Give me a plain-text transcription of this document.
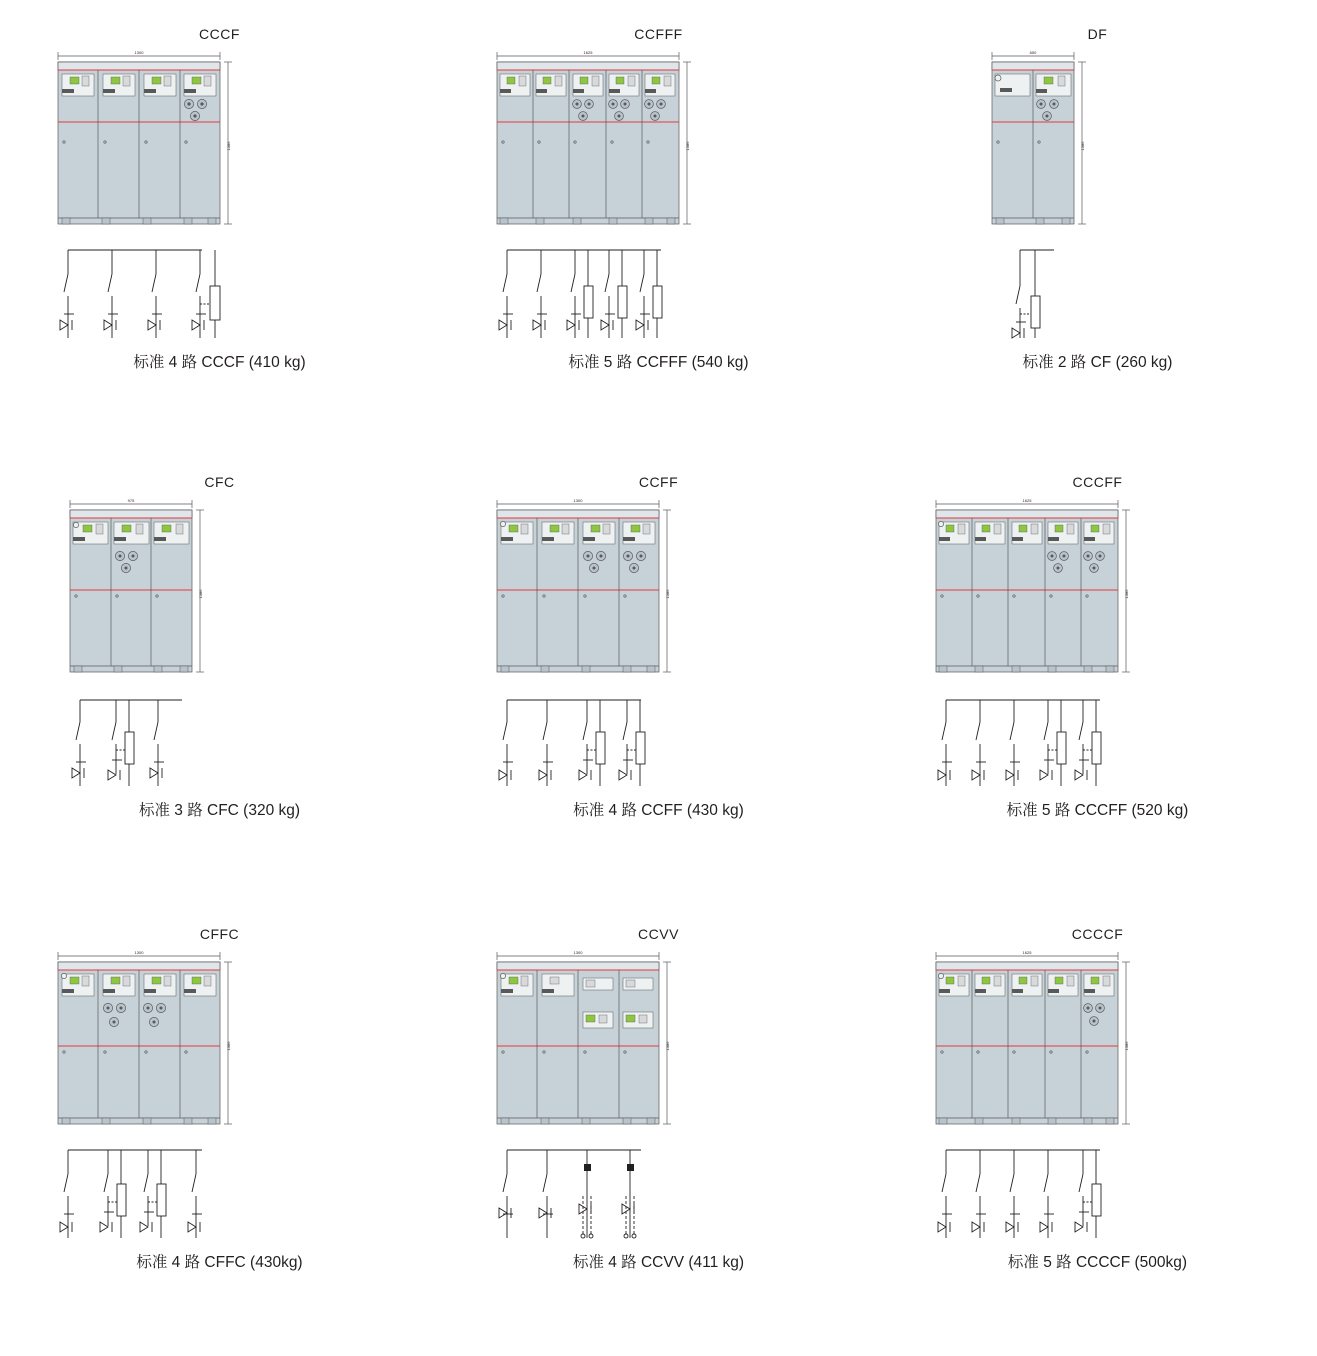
CCCF
1300
1386
标准 4 路 CCCF (410 kg)
CCFFF
1625
1386
标准 5 路 CCFFF (540 kg)
DF
650
1386
标准 2 路 CF (260 kg)
CFC
975
1386
标准 3 路 CFC (320 kg)
CCFF
1300
1386
标准 4 路 CCFF (430 kg)
CCCFF
1625
1386
标准 5 路 CCCFF (520 kg)
CFFC
1300
1386
标准 4 路 CFFC (430kg)
CCVV
1300
1386
标准 4 路 CCVV (411 kg)
CCCCF
1625
1386
标准 5 路 CCCCF (500kg)
